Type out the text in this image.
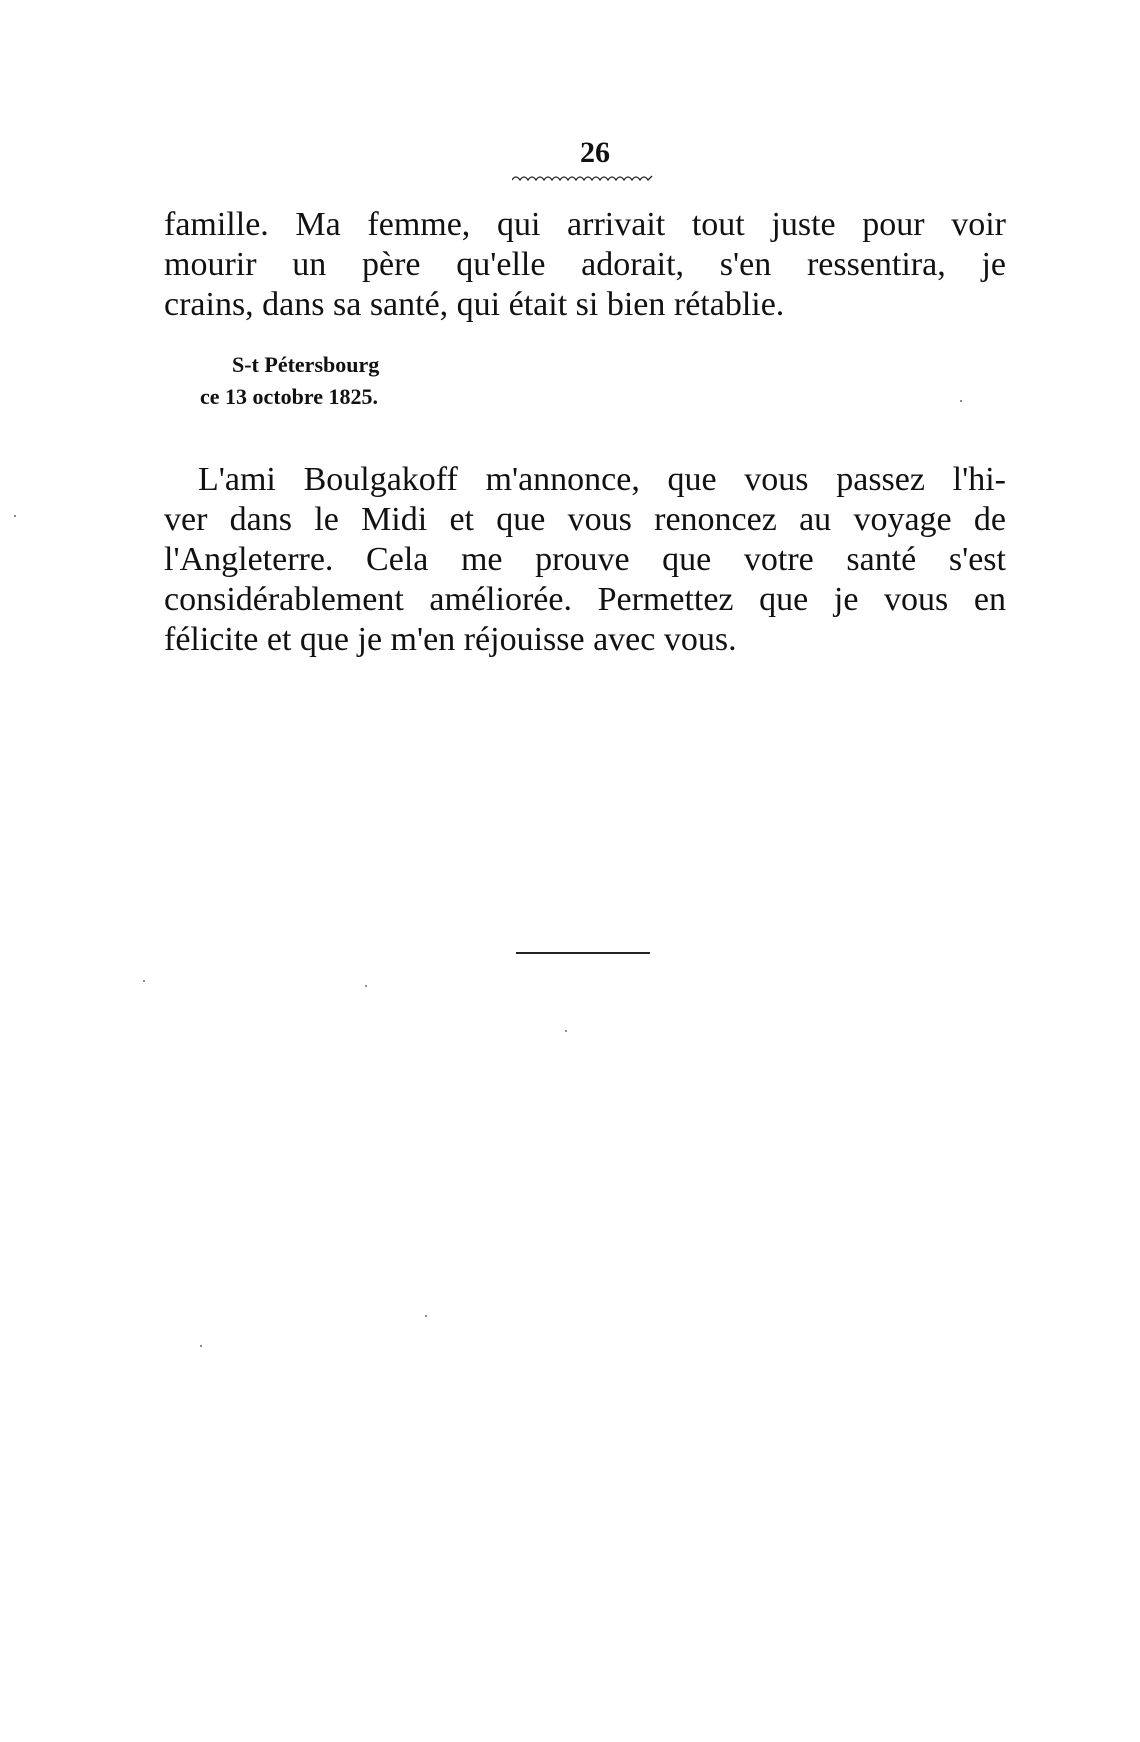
26
famille. Ma femme, qui arrivait tout juste pour voir
mourir un père qu'elle adorait, s'en ressentira, je
crains, dans sa santé, qui était si bien rétablie.
S-t Pétersbourg
ce 13 octobre 1825.
L'ami Boulgakoff m'annonce, que vous passez l'hi-
ver dans le Midi et que vous renoncez au voyage de
l'Angleterre. Cela me prouve que votre santé s'est
considérablement améliorée. Permettez que je vous en
félicite et que je m'en réjouisse avec vous.
